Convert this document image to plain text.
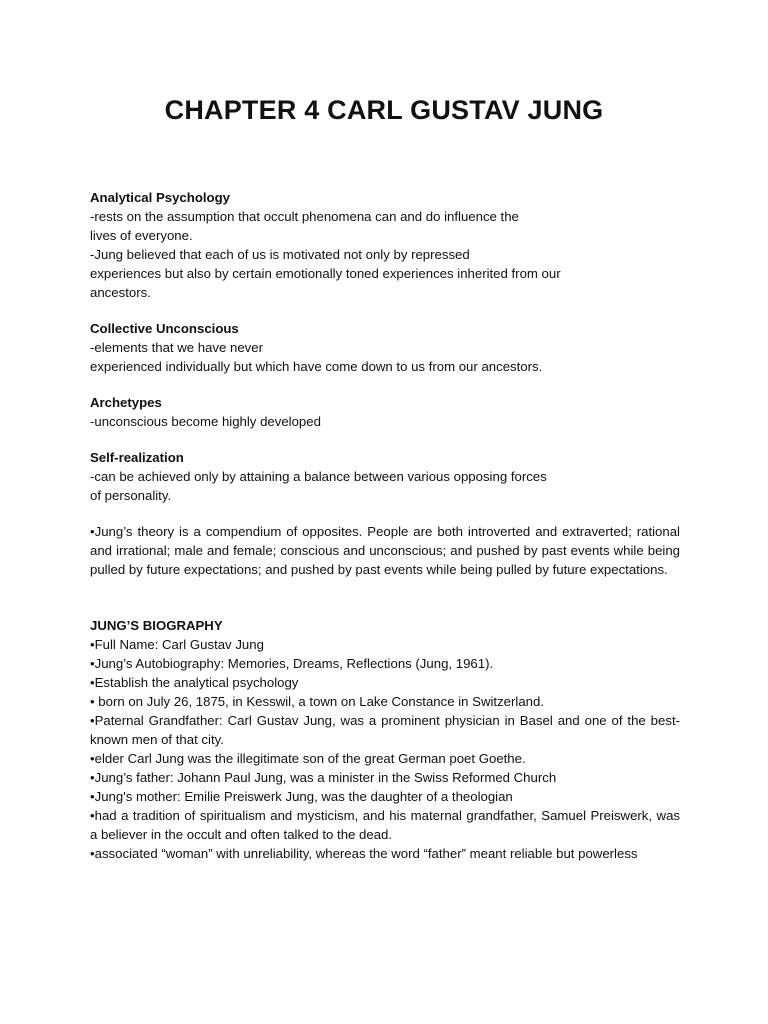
CHAPTER 4 CARL GUSTAV JUNG

Analytical Psychology

-rests on the assumption that occult phenomena can and do influence the

lives of everyone.

-Jung believed that each of us is motivated not only by repressed

experiences but also by certain emotionally toned experiences inherited from our

ancestors.

Collective Unconscious

-elements that we have never

experienced individually but which have come down to us from our ancestors.

Archetypes

-unconscious become highly developed

Self-realization

-can be achieved only by attaining a balance between various opposing forces

of personality.

•Jung’s theory is a compendium of opposites. People are both introverted and extraverted; rational and irrational; male and female; conscious and unconscious; and pushed by past events while being pulled by future expectations; and pushed by past events while being pulled by future expectations.

JUNG’S BIOGRAPHY

•Full Name: Carl Gustav Jung

•Jung’s Autobiography: Memories, Dreams, Reflections (Jung, 1961).

•Establish the analytical psychology

• born on July 26, 1875, in Kesswil, a town on Lake Constance in Switzerland.

•Paternal Grandfather: Carl Gustav Jung, was a prominent physician in Basel and one of the best-known men of that city.

•elder Carl Jung was the illegitimate son of the great German poet Goethe.

•Jung’s father: Johann Paul Jung, was a minister in the Swiss Reformed Church

•Jung's mother: Emilie Preiswerk Jung, was the daughter of a theologian

•had a tradition of spiritualism and mysticism, and his maternal grandfather, Samuel Preiswerk, was a believer in the occult and often talked to the dead.

•associated “woman” with unreliability, whereas the word “father” meant reliable but powerless
